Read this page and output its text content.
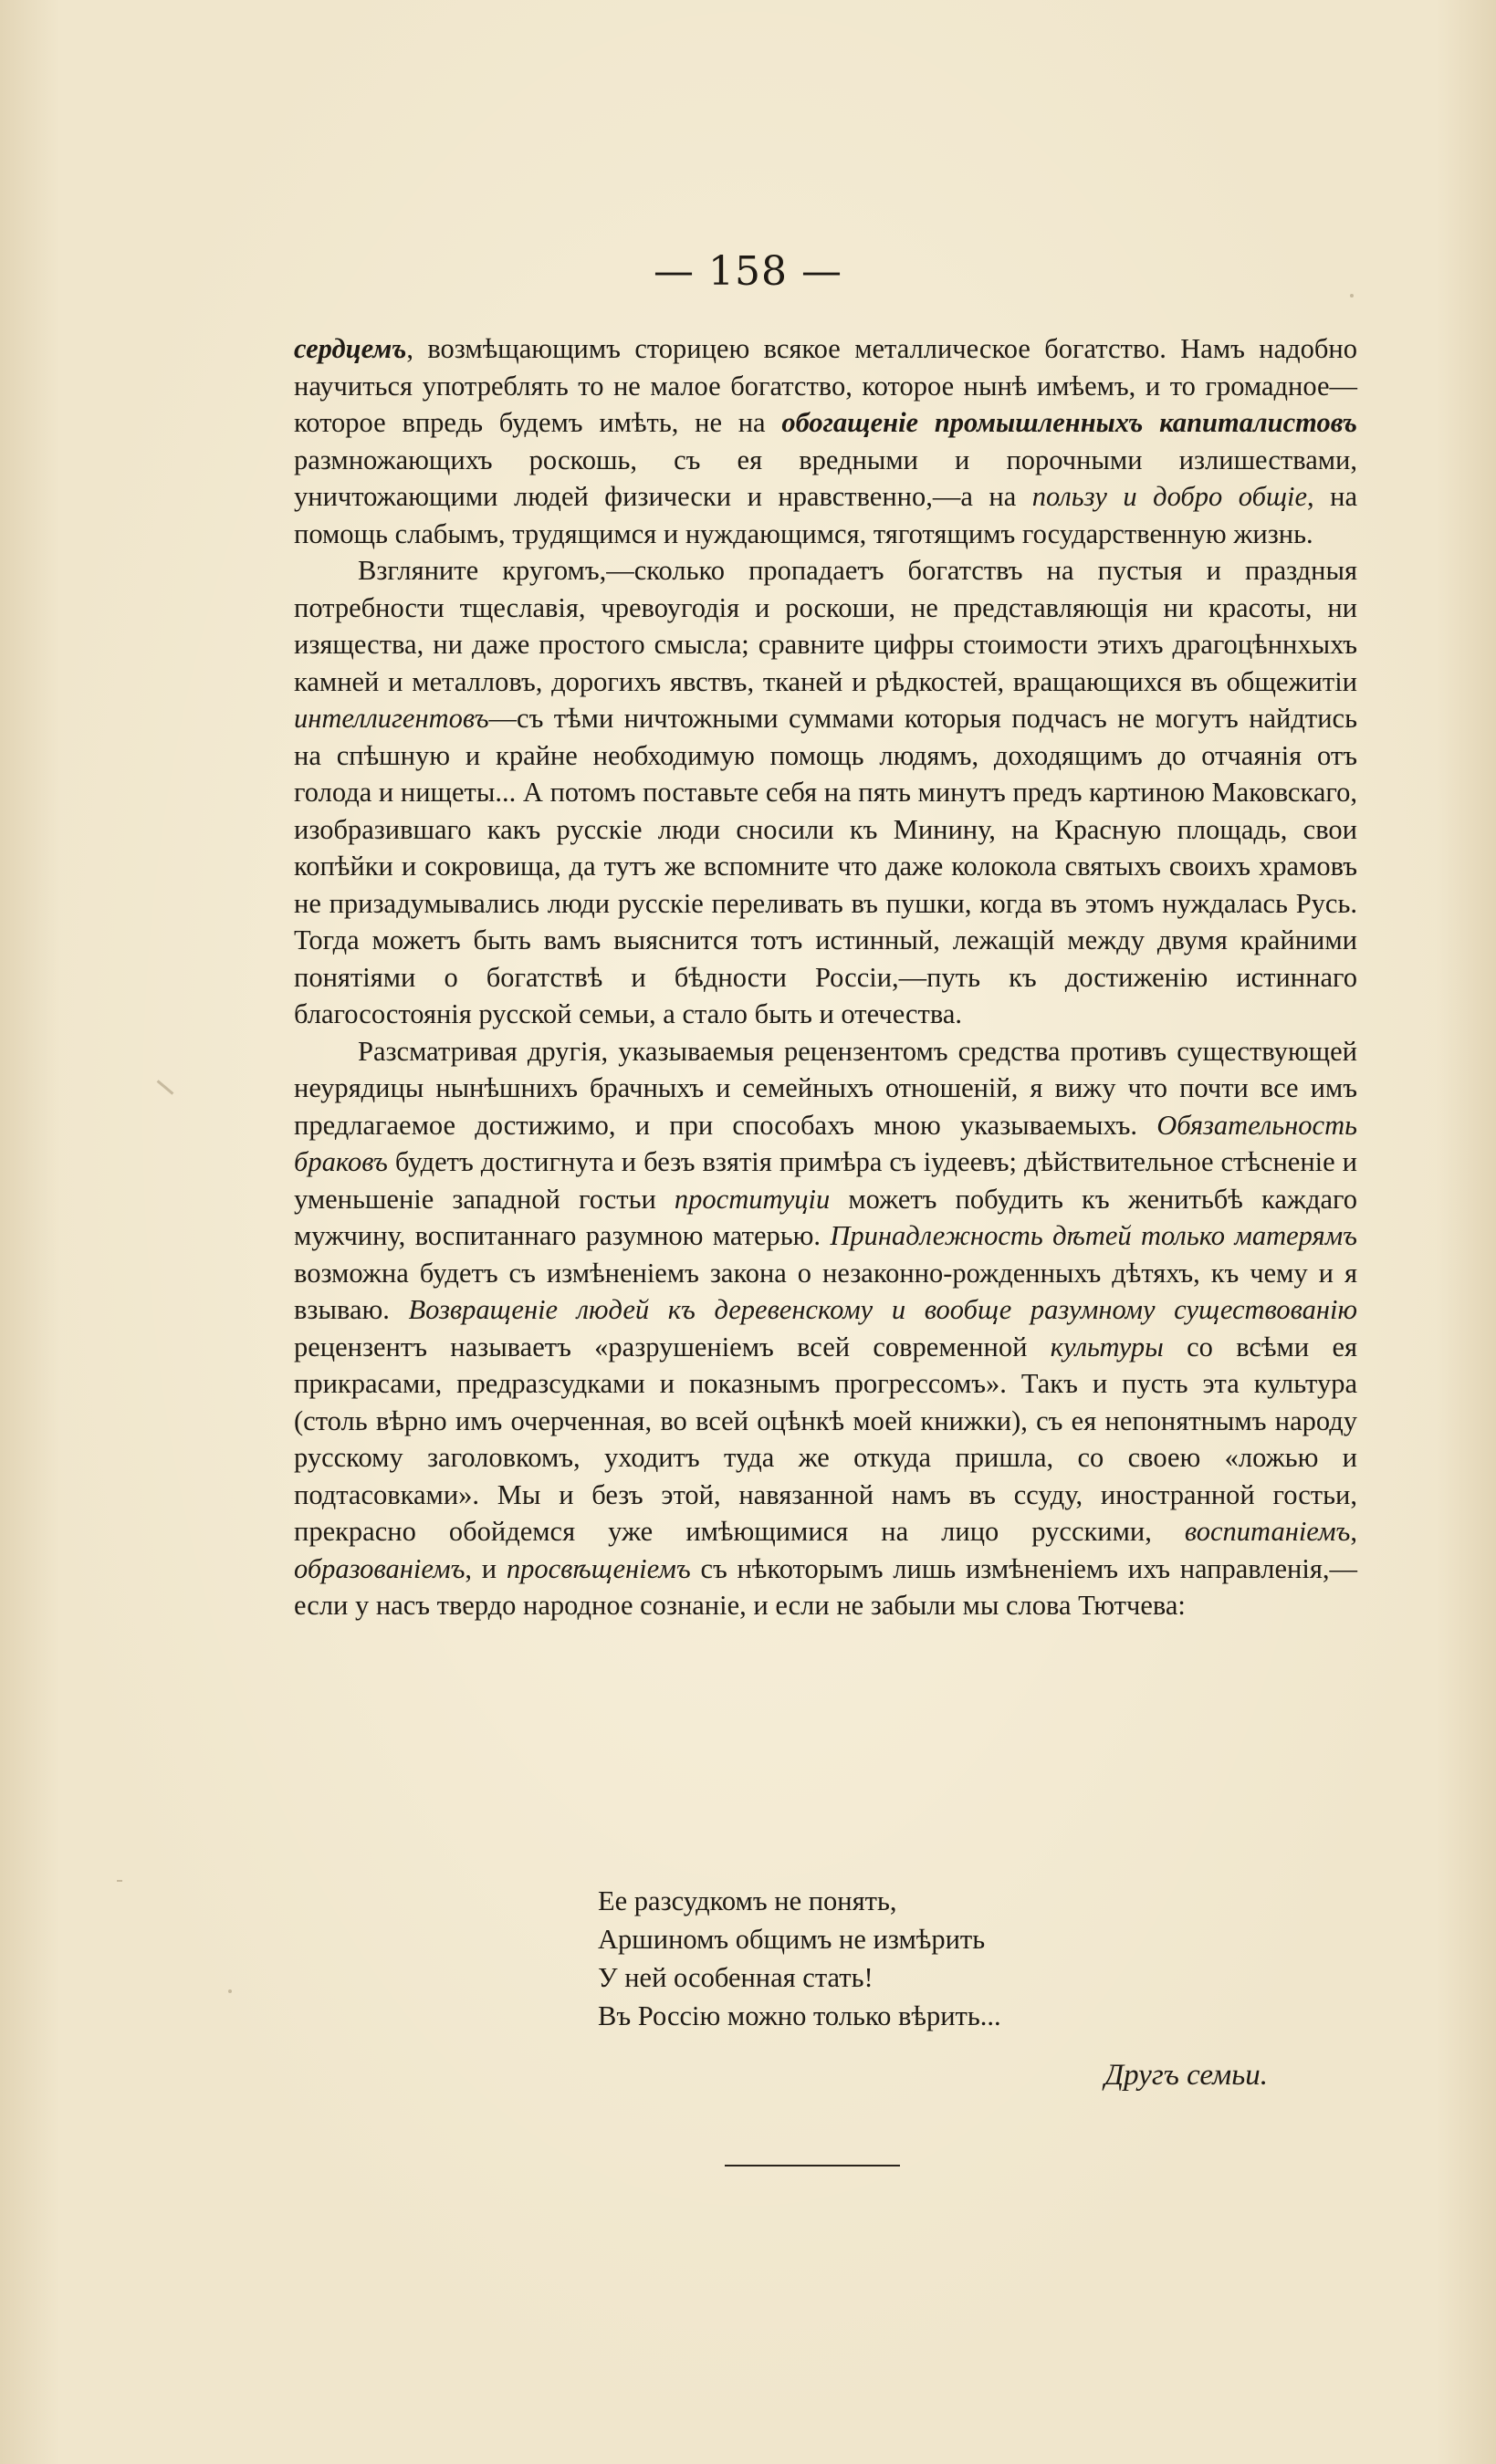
— 158 —

сердцемъ, возмѣщающимъ сторицею всякое металлическое богатство. Намъ надобно научиться употреблять то не малое богатство, которое нынѣ имѣемъ, и то громадное—которое впредь будемъ имѣть, не на обогащеніе промышленныхъ капиталистовъ размножающихъ роскошь, съ ея вредными и порочными излишествами, уничтожающими людей физически и нравственно,—а на пользу и добро общіе, на помощь слабымъ, трудящимся и нуждающимся, тяготящимъ государственную жизнь.

Взгляните кругомъ,—сколько пропадаетъ богатствъ на пустыя и праздныя потребности тщеславія, чревоугодія и роскоши, не представляющія ни красоты, ни изящества, ни даже простого смысла; сравните цифры стоимости этихъ драгоцѣннхыхъ камней и металловъ, дорогихъ явствъ, тканей и рѣдкостей, вращающихся въ общежитіи интеллигентовъ—съ тѣми ничтожными суммами которыя подчасъ не могутъ найдтись на спѣшную и крайне необходимую помощь людямъ, доходящимъ до отчаянія отъ голода и нищеты... А потомъ поставьте себя на пять минутъ предъ картиною Маковскаго, изобразившаго какъ русскіе люди сносили къ Минину, на Красную площадь, свои копѣйки и сокровища, да тутъ же вспомните что даже колокола святыхъ своихъ храмовъ не призадумывались люди русскіе переливать въ пушки, когда въ этомъ нуждалась Русь. Тогда можетъ быть вамъ выяснится тотъ истинный, лежащій между двумя крайними понятіями о богатствѣ и бѣдности Россіи,—путь къ достиженію истиннаго благосостоянія русской семьи, а стало быть и отечества.

Разсматривая другія, указываемыя рецензентомъ средства противъ существующей неурядицы нынѣшнихъ брачныхъ и семейныхъ отношеній, я вижу что почти все имъ предлагаемое достижимо, и при способахъ мною указываемыхъ. Обязательность браковъ будетъ достигнута и безъ взятія примѣра съ іудеевъ; дѣйствительное стѣсненіе и уменьшеніе западной гостьи проституціи можетъ побудить къ женитьбѣ каждаго мужчину, воспитаннаго разумною матерью. Принадлежность дѣтей только матерямъ возможна будетъ съ измѣненіемъ закона о незаконно-рожденныхъ дѣтяхъ, къ чему и я взываю. Возвращеніе людей къ деревенскому и вообще разумному существованію рецензентъ называетъ «разрушеніемъ всей современной культуры со всѣми ея прикрасами, предразсудками и показнымъ прогрессомъ». Такъ и пусть эта культура (столь вѣрно имъ очерченная, во всей оцѣнкѣ моей книжки), съ ея непонятнымъ народу русскому заголовкомъ, уходитъ туда же откуда пришла, со своею «ложью и подтасовками». Мы и безъ этой, навязанной намъ въ ссуду, иностранной гостьи, прекрасно обойдемся уже имѣющимися на лицо русскими, воспитаніемъ, образованіемъ, и просвѣщеніемъ съ нѣкоторымъ лишь измѣненіемъ ихъ направленія,—если у насъ твердо народное сознаніе, и если не забыли мы слова Тютчева:

Ее разсудкомъ не понять,
Аршиномъ общимъ не измѣрить
У ней особенная стать!
Въ Россію можно только вѣрить...
Другъ семьи.
